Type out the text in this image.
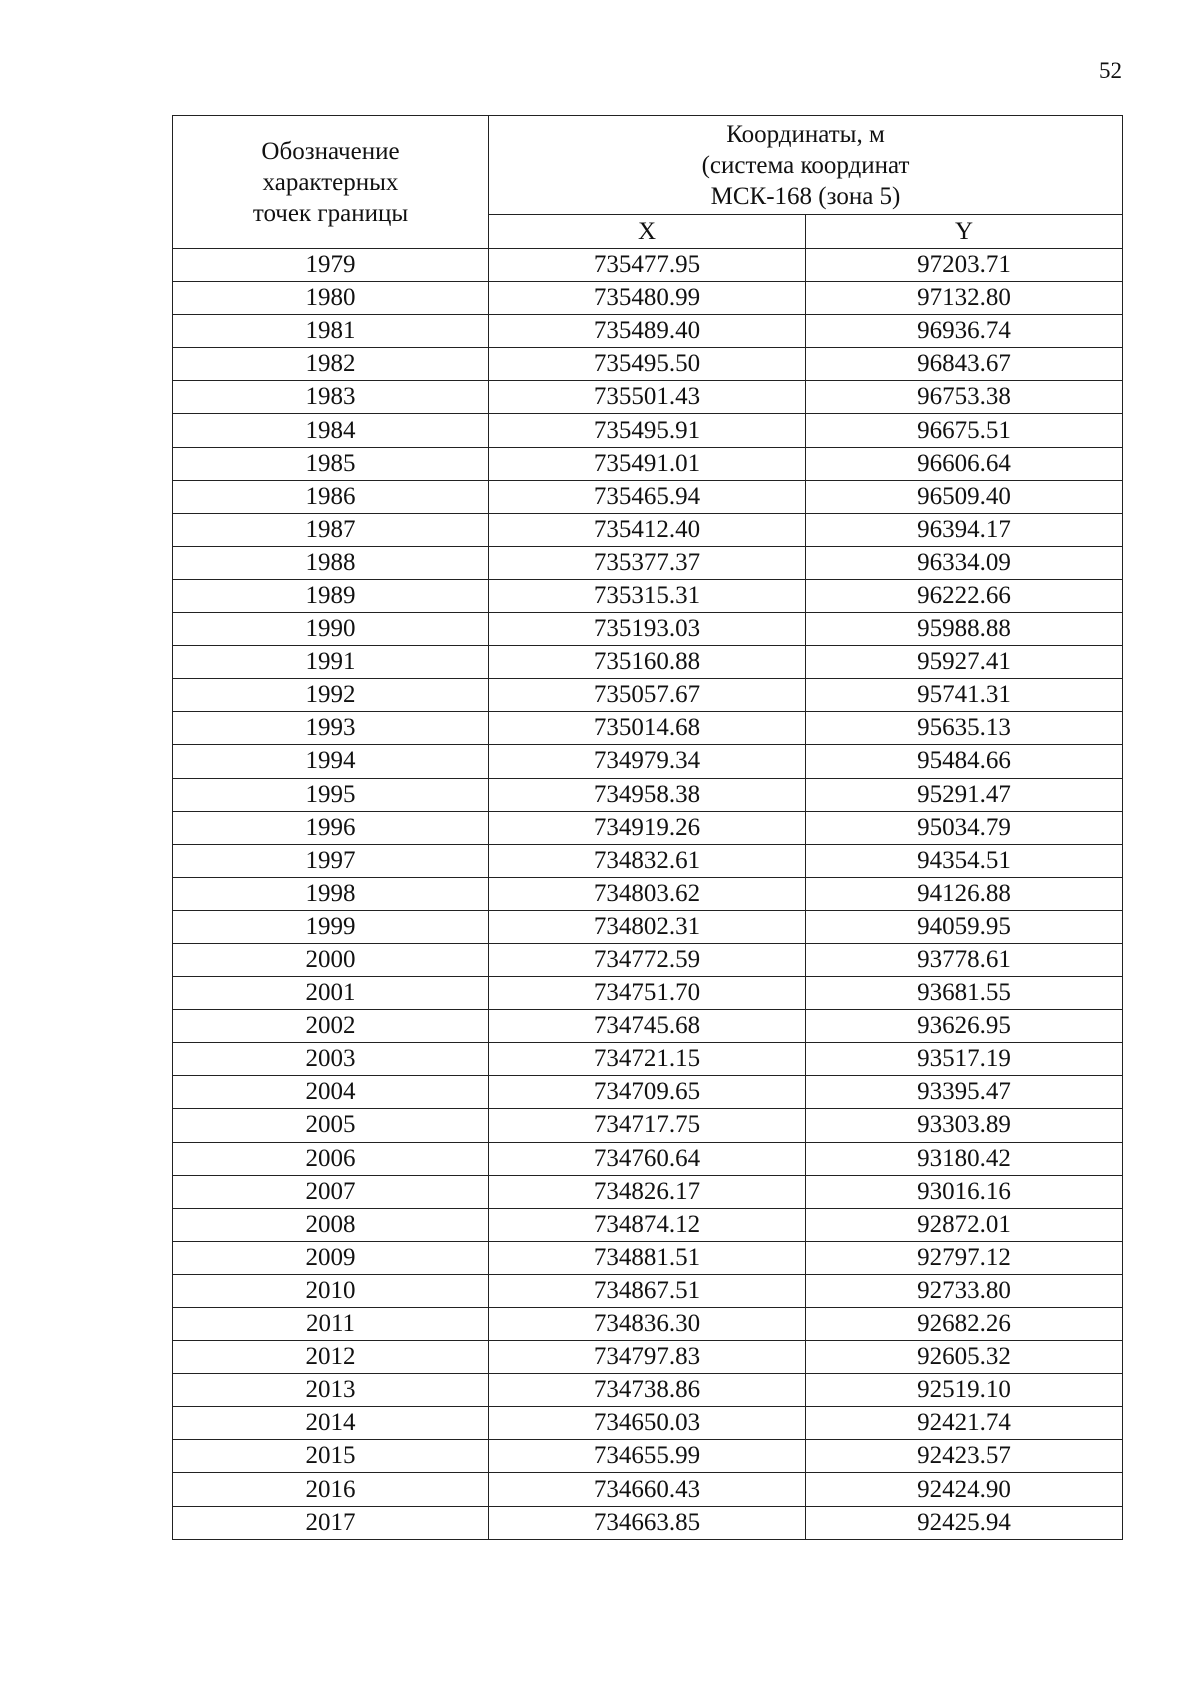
52
Обозначение
характерных
точек границы	Координаты, м
(система координат
МСК-168 (зона 5)	

	X	Y
1979	735477.95	97203.71
1980	735480.99	97132.80
1981	735489.40	96936.74
1982	735495.50	96843.67
1983	735501.43	96753.38
1984	735495.91	96675.51
1985	735491.01	96606.64
1986	735465.94	96509.40
1987	735412.40	96394.17
1988	735377.37	96334.09
1989	735315.31	96222.66
1990	735193.03	95988.88
1991	735160.88	95927.41
1992	735057.67	95741.31
1993	735014.68	95635.13
1994	734979.34	95484.66
1995	734958.38	95291.47
1996	734919.26	95034.79
1997	734832.61	94354.51
1998	734803.62	94126.88
1999	734802.31	94059.95
2000	734772.59	93778.61
2001	734751.70	93681.55
2002	734745.68	93626.95
2003	734721.15	93517.19
2004	734709.65	93395.47
2005	734717.75	93303.89
2006	734760.64	93180.42
2007	734826.17	93016.16
2008	734874.12	92872.01
2009	734881.51	92797.12
2010	734867.51	92733.80
2011	734836.30	92682.26
2012	734797.83	92605.32
2013	734738.86	92519.10
2014	734650.03	92421.74
2015	734655.99	92423.57
2016	734660.43	92424.90
2017	734663.85	92425.94
